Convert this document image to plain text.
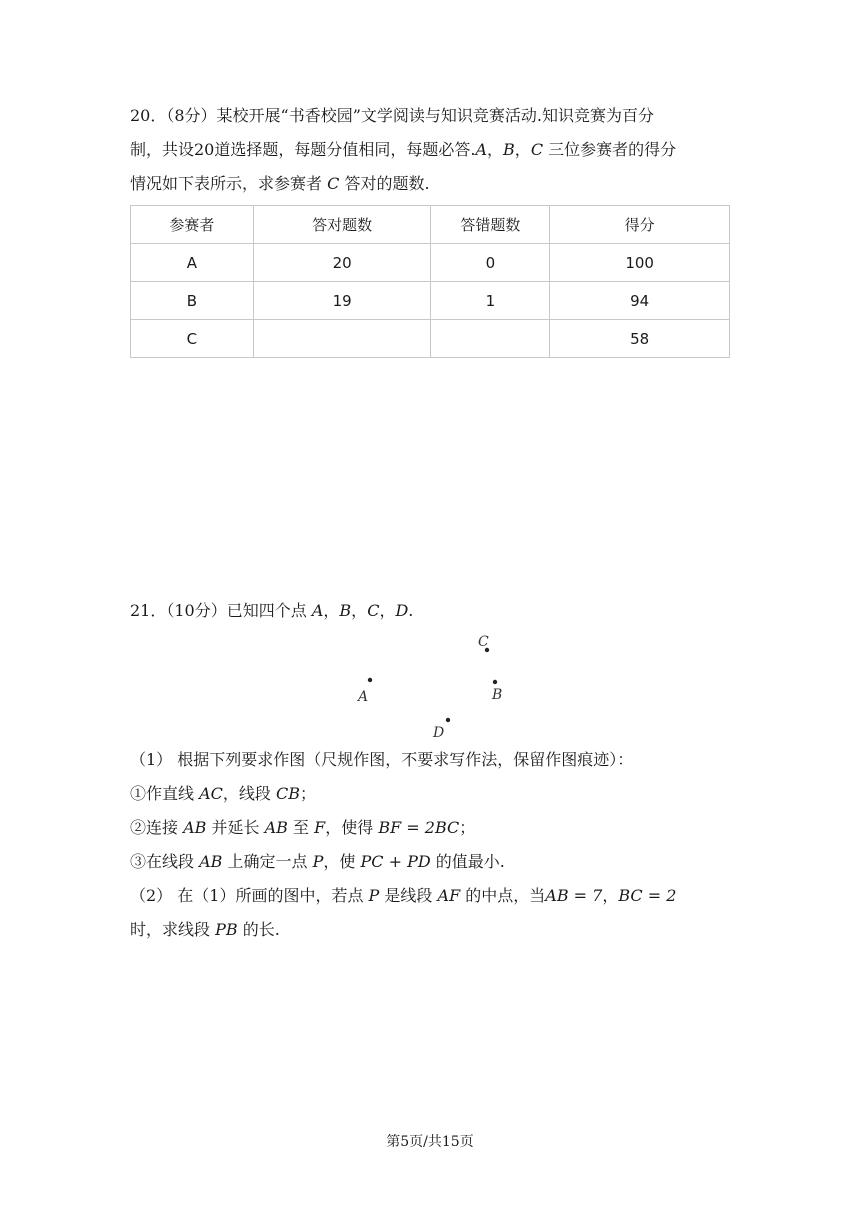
20．（8分）某校开展“书香校园”文学阅读与知识竞赛活动.知识竞赛为百分
制，共设20道选择题，每题分值相同，每题必答.A，B，C 三位参赛者的得分
情况如下表所示，求参赛者 C 答对的题数.
参赛者	答对题数	答错题数	得分
A	20	0	100
B	19	1	94
C			58
21．（10分）已知四个点 A，B，C，D.
C
A	B
D
（1） 根据下列要求作图（尺规作图，不要求写作法，保留作图痕迹）：
①作直线 AC，线段 CB；
②连接 AB 并延长 AB 至 F，使得 BF = 2BC；
③在线段 AB 上确定一点 P，使 PC + PD 的值最小.
（2） 在（1）所画的图中，若点 P 是线段 AF 的中点，当AB = 7，BC = 2
时，求线段 PB 的长.
第5页/共15页
